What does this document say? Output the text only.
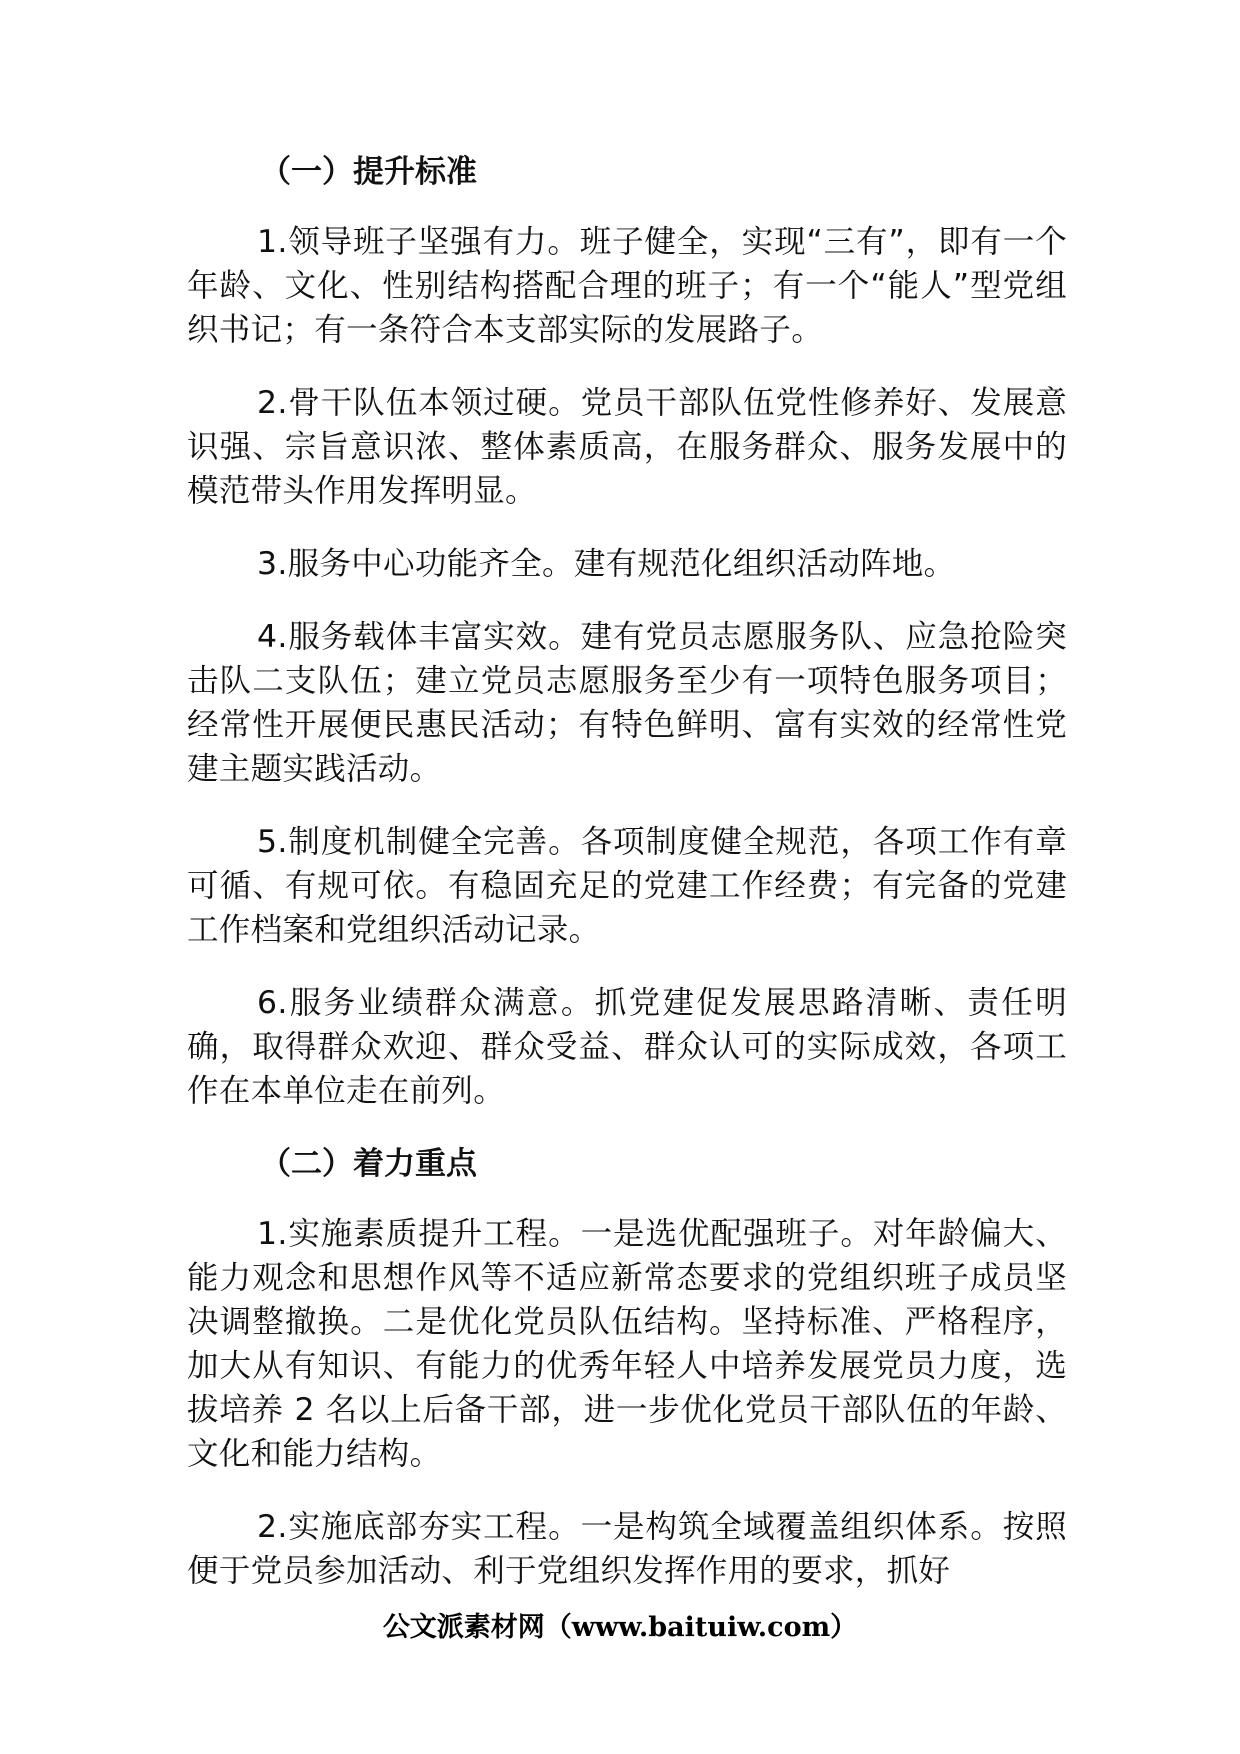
（一）提升标准

1.领导班子坚强有力。班子健全，实现“三有”，即有一个年龄、文化、性别结构搭配合理的班子；有一个“能人”型党组织书记；有一条符合本支部实际的发展路子。

2.骨干队伍本领过硬。党员干部队伍党性修养好、发展意识强、宗旨意识浓、整体素质高，在服务群众、服务发展中的模范带头作用发挥明显。

3.服务中心功能齐全。建有规范化组织活动阵地。

4.服务载体丰富实效。建有党员志愿服务队、应急抢险突击队二支队伍；建立党员志愿服务至少有一项特色服务项目；经常性开展便民惠民活动；有特色鲜明、富有实效的经常性党建主题实践活动。

5.制度机制健全完善。各项制度健全规范，各项工作有章可循、有规可依。有稳固充足的党建工作经费；有完备的党建工作档案和党组织活动记录。

6.服务业绩群众满意。抓党建促发展思路清晰、责任明确，取得群众欢迎、群众受益、群众认可的实际成效，各项工作在本单位走在前列。

（二）着力重点

1.实施素质提升工程。一是选优配强班子。对年龄偏大、能力观念和思想作风等不适应新常态要求的党组织班子成员坚决调整撤换。二是优化党员队伍结构。坚持标准、严格程序，加大从有知识、有能力的优秀年轻人中培养发展党员力度，选拔培养 2 名以上后备干部，进一步优化党员干部队伍的年龄、文化和能力结构。

2.实施底部夯实工程。一是构筑全域覆盖组织体系。按照便于党员参加活动、利于党组织发挥作用的要求，抓好

公文派素材网（www.baituiw.com）
